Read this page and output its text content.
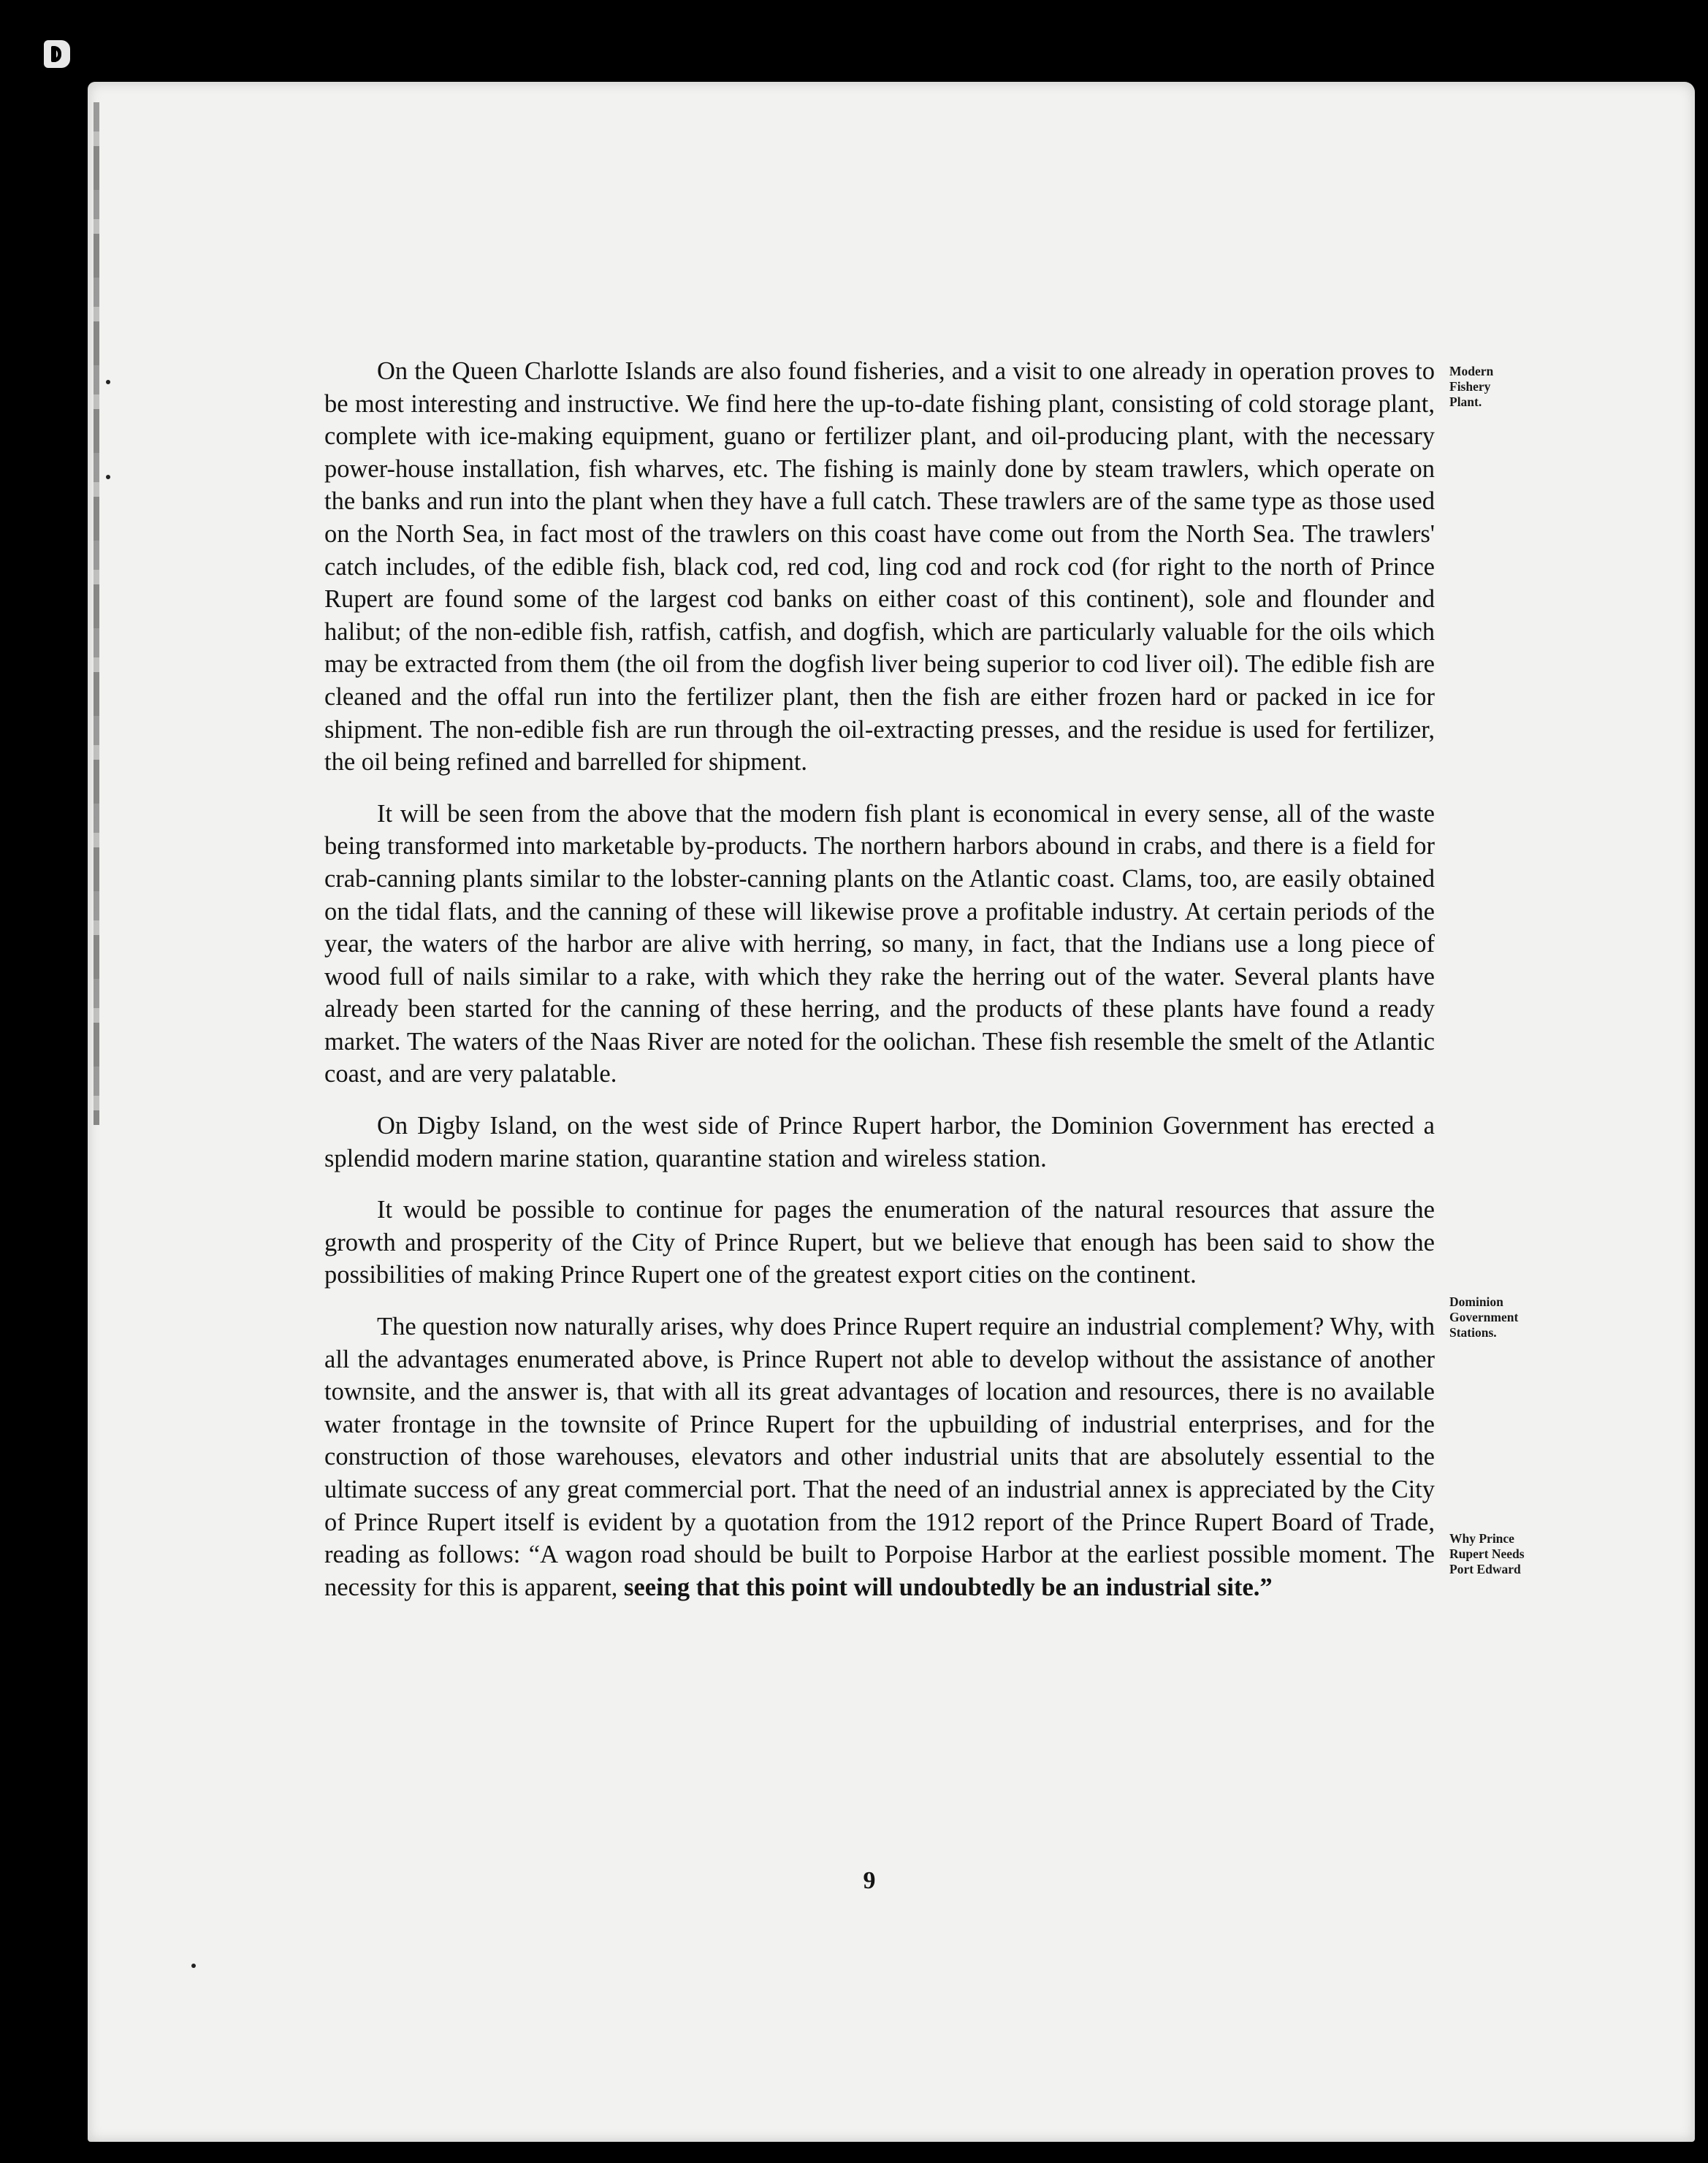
On the Queen Charlotte Islands are also found fisheries, and a visit to one already in operation proves to be most interesting and instructive. We find here the up-to-date fishing plant, consisting of cold storage plant, complete with ice-making equipment, guano or fertilizer plant, and oil-producing plant, with the necessary power-house installation, fish wharves, etc. The fishing is mainly done by steam trawlers, which operate on the banks and run into the plant when they have a full catch. These trawlers are of the same type as those used on the North Sea, in fact most of the trawlers on this coast have come out from the North Sea. The trawlers' catch includes, of the edible fish, black cod, red cod, ling cod and rock cod (for right to the north of Prince Rupert are found some of the largest cod banks on either coast of this continent), sole and flounder and halibut; of the non-edible fish, ratfish, catfish, and dogfish, which are particularly valuable for the oils which may be extracted from them (the oil from the dogfish liver being superior to cod liver oil). The edible fish are cleaned and the offal run into the fertilizer plant, then the fish are either frozen hard or packed in ice for shipment. The non-edible fish are run through the oil-extracting presses, and the residue is used for fertilizer, the oil being refined and barrelled for shipment.

It will be seen from the above that the modern fish plant is economical in every sense, all of the waste being transformed into marketable by-products. The northern harbors abound in crabs, and there is a field for crab-canning plants similar to the lobster-canning plants on the Atlantic coast. Clams, too, are easily obtained on the tidal flats, and the canning of these will likewise prove a profitable industry. At certain periods of the year, the waters of the harbor are alive with herring, so many, in fact, that the Indians use a long piece of wood full of nails similar to a rake, with which they rake the herring out of the water. Several plants have already been started for the canning of these herring, and the products of these plants have found a ready market. The waters of the Naas River are noted for the oolichan. These fish resemble the smelt of the Atlantic coast, and are very palatable.

On Digby Island, on the west side of Prince Rupert harbor, the Dominion Government has erected a splendid modern marine station, quarantine station and wireless station.

It would be possible to continue for pages the enumeration of the natural resources that assure the growth and prosperity of the City of Prince Rupert, but we believe that enough has been said to show the possibilities of making Prince Rupert one of the greatest export cities on the continent.

The question now naturally arises, why does Prince Rupert require an industrial complement? Why, with all the advantages enumerated above, is Prince Rupert not able to develop without the assistance of another townsite, and the answer is, that with all its great advantages of location and resources, there is no available water frontage in the townsite of Prince Rupert for the upbuilding of industrial enterprises, and for the construction of those warehouses, elevators and other industrial units that are absolutely essential to the ultimate success of any great commercial port. That the need of an industrial annex is appreciated by the City of Prince Rupert itself is evident by a quotation from the 1912 report of the Prince Rupert Board of Trade, reading as follows: “A wagon road should be built to Porpoise Harbor at the earliest possible moment. The necessity for this is apparent, seeing that this point will undoubtedly be an industrial site.”

Modern
Fishery
Plant.
Dominion
Government
Stations.
Why Prince
Rupert Needs
Port Edward
9
